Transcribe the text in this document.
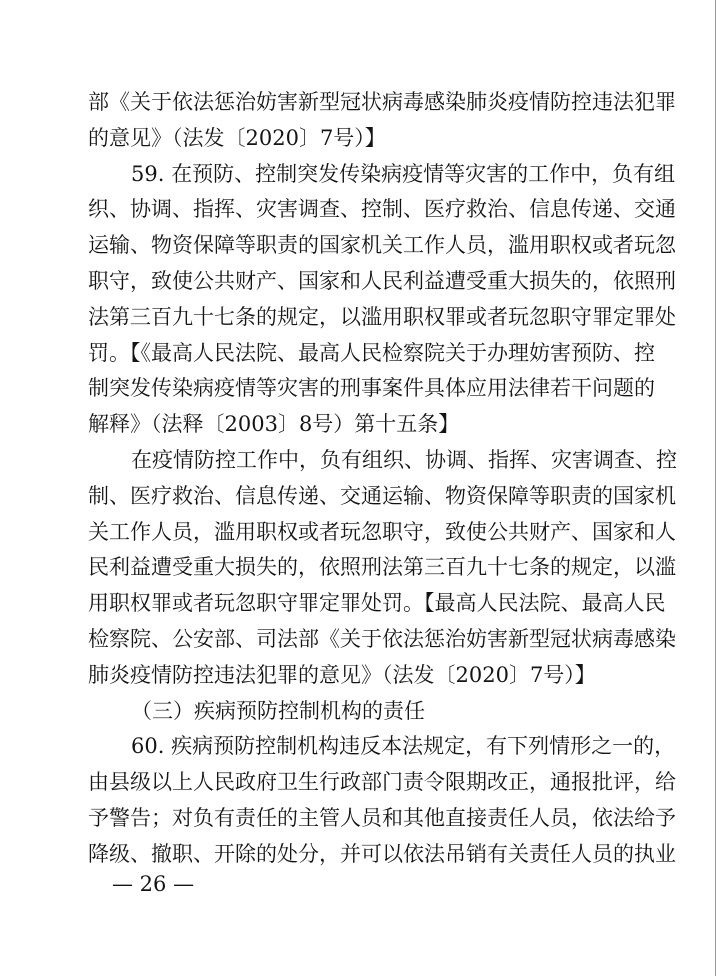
部《关于依法惩治妨害新型冠状病毒感染肺炎疫情防控违法犯罪
的意见》（法发〔2020〕7号）】
59. 在预防、控制突发传染病疫情等灾害的工作中，负有组
织、协调、指挥、灾害调查、控制、医疗救治、信息传递、交通
运输、物资保障等职责的国家机关工作人员，滥用职权或者玩忽
职守，致使公共财产、国家和人民利益遭受重大损失的，依照刑
法第三百九十七条的规定，以滥用职权罪或者玩忽职守罪定罪处
罚。【《最高人民法院、最高人民检察院关于办理妨害预防、控
制突发传染病疫情等灾害的刑事案件具体应用法律若干问题的
解释》（法释〔2003〕8号）第十五条】
在疫情防控工作中，负有组织、协调、指挥、灾害调查、控
制、医疗救治、信息传递、交通运输、物资保障等职责的国家机
关工作人员，滥用职权或者玩忽职守，致使公共财产、国家和人
民利益遭受重大损失的，依照刑法第三百九十七条的规定，以滥
用职权罪或者玩忽职守罪定罪处罚。【最高人民法院、最高人民
检察院、公安部、司法部《关于依法惩治妨害新型冠状病毒感染
肺炎疫情防控违法犯罪的意见》（法发〔2020〕7号）】
（三）疾病预防控制机构的责任
60. 疾病预防控制机构违反本法规定，有下列情形之一的，
由县级以上人民政府卫生行政部门责令限期改正，通报批评，给
予警告；对负有责任的主管人员和其他直接责任人员，依法给予
降级、撤职、开除的处分，并可以依法吊销有关责任人员的执业
— 26 —
